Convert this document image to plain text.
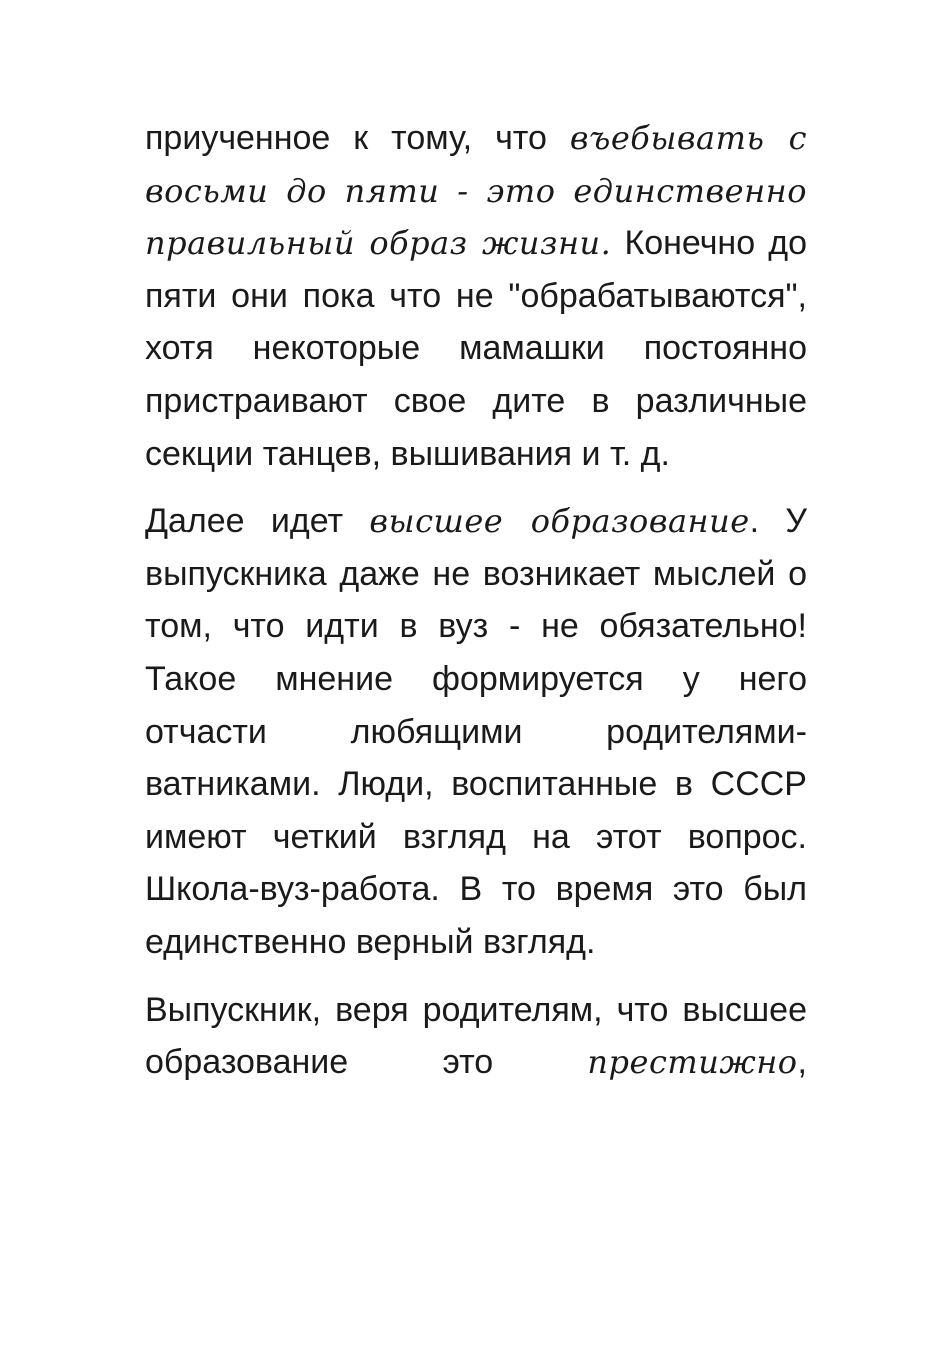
приученное к тому, что въебывать с восьми до пяти - это единственно правильный образ жизни. Конечно до пяти они пока что не "обрабатываются", хотя некоторые мамашки постоянно пристраивают свое дите в различные секции танцев, вышивания и т. д.

Далее идет высшее образование. У выпускника даже не возникает мыслей о том, что идти в вуз - не обязательно! Такое мнение формируется у него отчасти любящими родителями-ватниками. Люди, воспитанные в СССР имеют четкий взгляд на этот вопрос. Школа-вуз-работа. В то время это был единственно верный взгляд.

Выпускник, веря родителям, что высшее образование это престижно,
